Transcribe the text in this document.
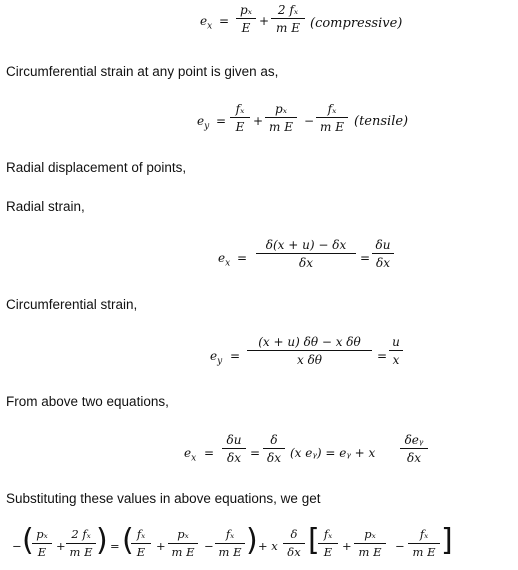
$e_x$ =
pₓ
E +
2 fₓ
m E (compressive)
Circumferential strain at any point is given as,
$e_y$ =
fₓ
E +
pₓ
m E −
fₓ
m E (tensile)
Radial displacement of points,
Radial strain,
$e_x$ =
δ(x + u) − δx
δx	=
δu
δx
Circumferential strain,
$e_y$ =
(x + u) δθ − x δθ
x δθ	=
u
x
From above two equations,
$e_x$ =
δu
δx =
δ
δx (x eᵧ) = eᵧ + x
δeᵧ
δx
Substituting these values in above equations, we get
− ( pₓ
E +
2 fₓ
m E ) = ( fₓ
E +
pₓ
m E −
fₓ
m E ) + x
δ
δx [ fₓ
E +
pₓ
m E	−
fₓ
m E ]
